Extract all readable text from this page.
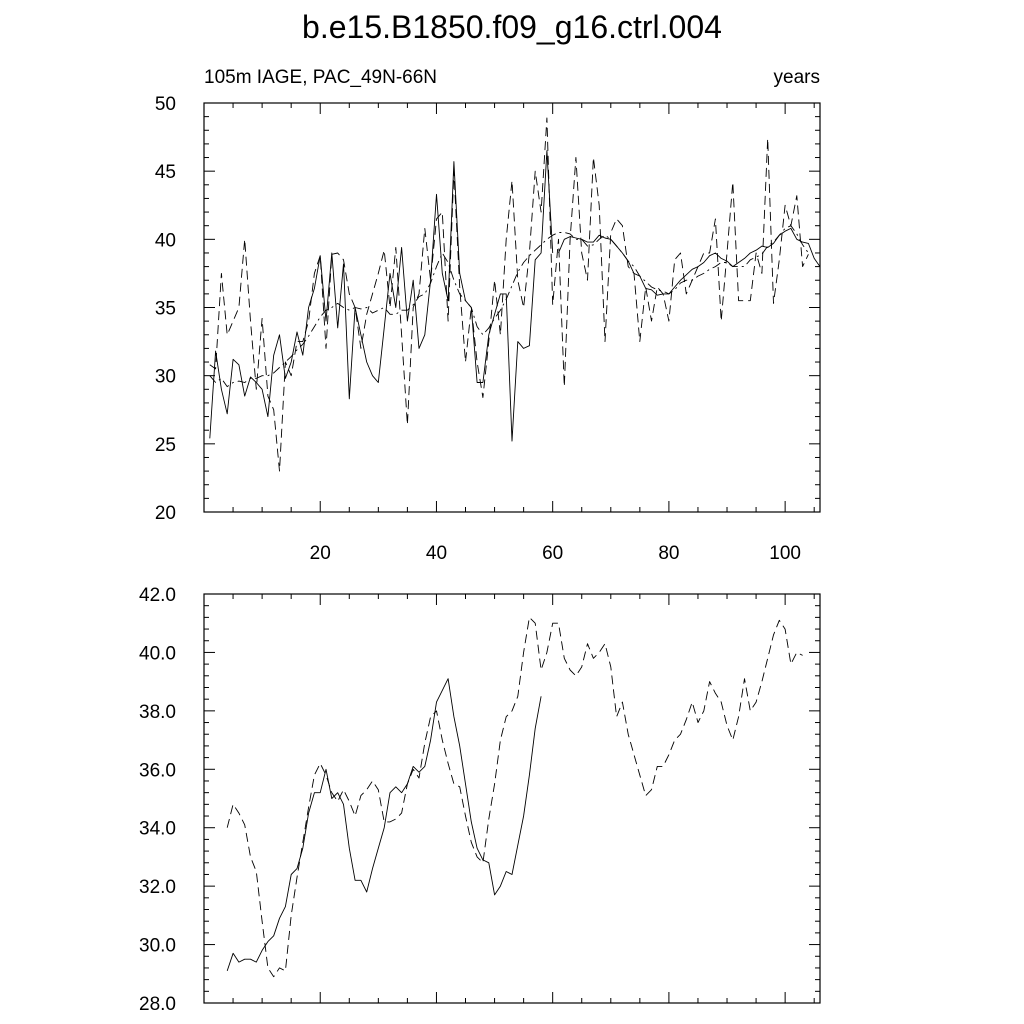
b.e15.B1850.f09_g16.ctrl.004
105m IAGE, PAC_49N-66N	years
20	40	60	80	100
20
25
30
35
40
45
50
28.0
30.0
32.0
34.0
36.0
38.0
40.0
42.0
